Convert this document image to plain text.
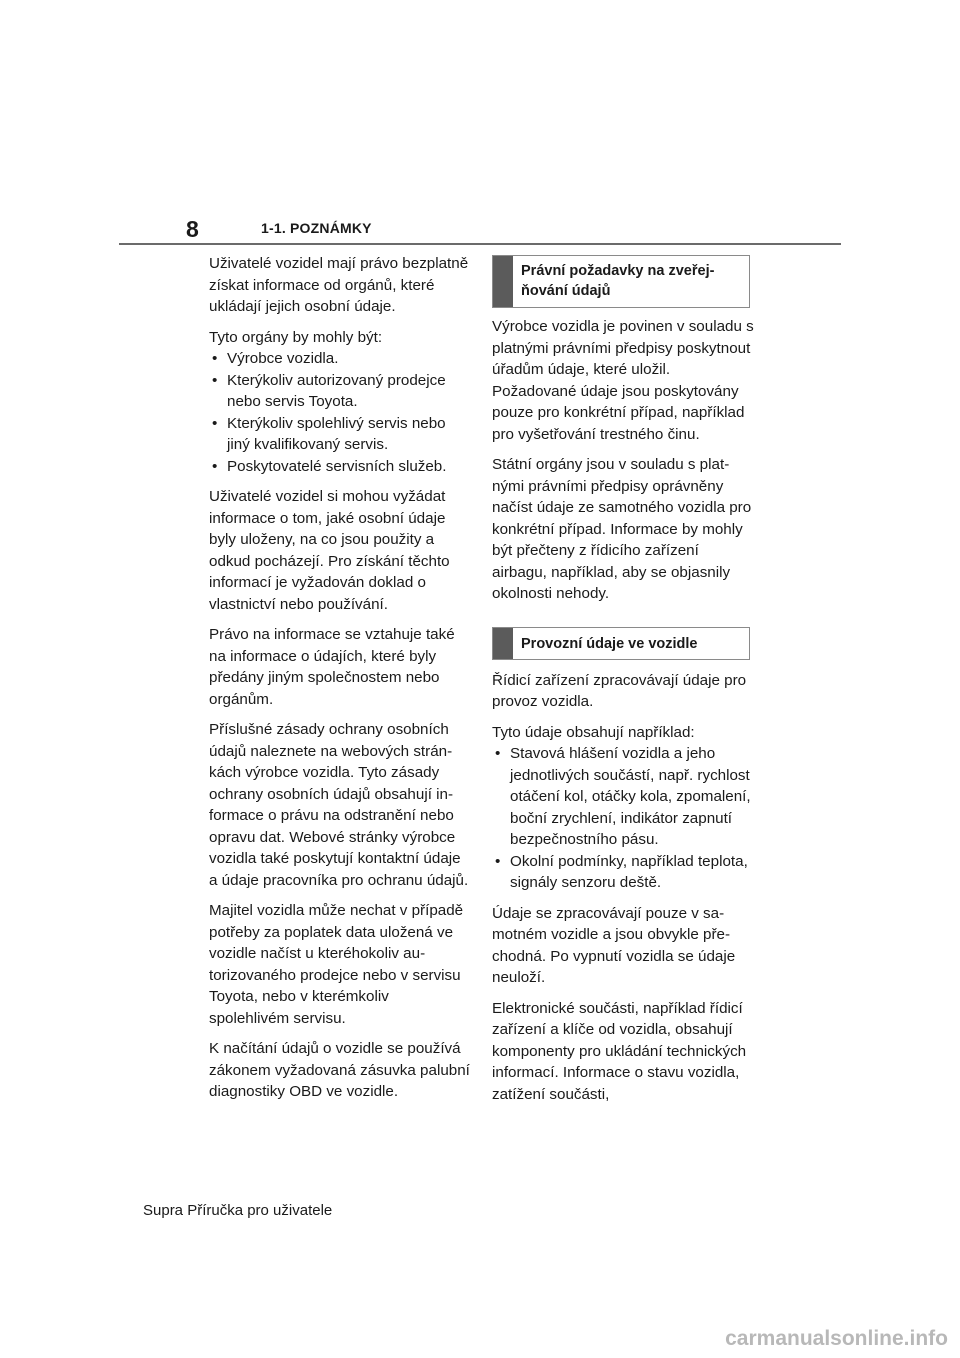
8	1-1. POZNÁMKY

Uživatelé vozidel mají právo bezplatně získat informace od orgánů, které ukládají jejich osobní údaje.

Tyto orgány by mohly být:

• Výrobce vozidla.
• Kterýkoliv autorizovaný prodejce nebo servis Toyota.
• Kterýkoliv spolehlivý servis nebo jiný kvalifikovaný servis.
• Poskytovatelé servisních služeb.

Uživatelé vozidel si mohou vyžádat informace o tom, jaké osobní údaje byly uloženy, na co jsou použity a odkud pocházejí. Pro získání těchto informací je vyžadován doklad o vlastnictví nebo používání.

Právo na informace se vztahuje také na informace o údajích, které byly předány jiným společnostem nebo orgánům.

Příslušné zásady ochrany osobních údajů naleznete na webových stránkách výrobce vozidla. Tyto zásady ochrany osobních údajů obsahují informace o právu na odstranění nebo opravu dat. Webové stránky výrobce vozidla také poskytují kontaktní údaje a údaje pracovníka pro ochranu údajů.

Majitel vozidla může nechat v případě potřeby za poplatek data uložená ve vozidle načíst u kteréhokoliv autorizovaného prodejce nebo v servisu Toyota, nebo v kterémkoliv spolehlivém servisu.

K načítání údajů o vozidle se používá zákonem vyžadovaná zásuvka palubní diagnostiky OBD ve vozidle.

Právní požadavky na zveřejňování údajů

Výrobce vozidla je povinen v souladu s platnými právními předpisy poskytnout úřadům údaje, které uložil. Požadované údaje jsou poskytovány pouze pro konkrétní případ, například pro vyšetřování trestného činu.

Státní orgány jsou v souladu s platnými právními předpisy oprávněny načíst údaje ze samotného vozidla pro konkrétní případ. Informace by mohly být přečteny z řídicího zařízení airbagu, například, aby se objasnily okolnosti nehody.

Provozní údaje ve vozidle

Řídicí zařízení zpracovávají údaje pro provoz vozidla.

Tyto údaje obsahují například:

• Stavová hlášení vozidla a jeho jednotlivých součástí, např. rychlost otáčení kol, otáčky kola, zpomalení, boční zrychlení, indikátor zapnutí bezpečnostního pásu.
• Okolní podmínky, například teplota, signály senzoru deště.

Údaje se zpracovávají pouze v samotném vozidle a jsou obvykle přechodná. Po vypnutí vozidla se údaje neuloží.

Elektronické součásti, například řídicí zařízení a klíče od vozidla, obsahují komponenty pro ukládání technických informací. Informace o stavu vozidla, zatížení součásti,

Supra Příručka pro uživatele
carmanualsonline.info
